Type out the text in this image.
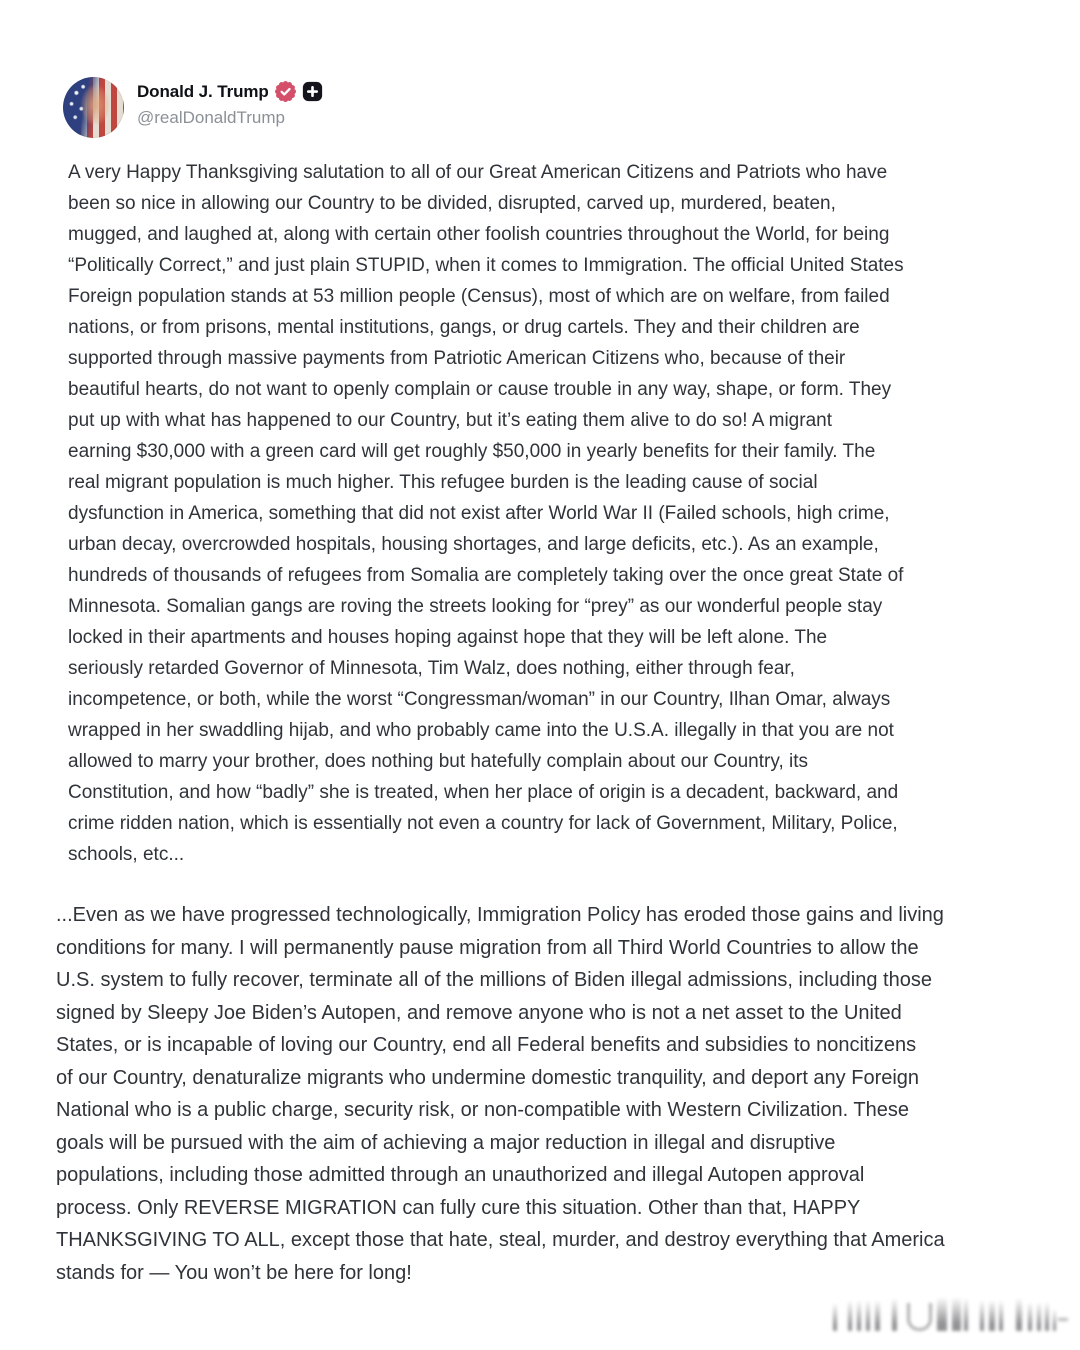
Donald J. Trump
@realDonaldTrump
A very Happy Thanksgiving salutation to all of our Great American Citizens and Patriots who have
been so nice in allowing our Country to be divided, disrupted, carved up, murdered, beaten,
mugged, and laughed at, along with certain other foolish countries throughout the World, for being
“Politically Correct,” and just plain STUPID, when it comes to Immigration. The official United States
Foreign population stands at 53 million people (Census), most of which are on welfare, from failed
nations, or from prisons, mental institutions, gangs, or drug cartels. They and their children are
supported through massive payments from Patriotic American Citizens who, because of their
beautiful hearts, do not want to openly complain or cause trouble in any way, shape, or form. They
put up with what has happened to our Country, but it’s eating them alive to do so! A migrant
earning $30,000 with a green card will get roughly $50,000 in yearly benefits for their family. The
real migrant population is much higher. This refugee burden is the leading cause of social
dysfunction in America, something that did not exist after World War II (Failed schools, high crime,
urban decay, overcrowded hospitals, housing shortages, and large deficits, etc.). As an example,
hundreds of thousands of refugees from Somalia are completely taking over the once great State of
Minnesota. Somalian gangs are roving the streets looking for “prey” as our wonderful people stay
locked in their apartments and houses hoping against hope that they will be left alone. The
seriously retarded Governor of Minnesota, Tim Walz, does nothing, either through fear,
incompetence, or both, while the worst “Congressman/woman” in our Country, Ilhan Omar, always
wrapped in her swaddling hijab, and who probably came into the U.S.A. illegally in that you are not
allowed to marry your brother, does nothing but hatefully complain about our Country, its
Constitution, and how “badly” she is treated, when her place of origin is a decadent, backward, and
crime ridden nation, which is essentially not even a country for lack of Government, Military, Police,
schools, etc...
...Even as we have progressed technologically, Immigration Policy has eroded those gains and living
conditions for many. I will permanently pause migration from all Third World Countries to allow the
U.S. system to fully recover, terminate all of the millions of Biden illegal admissions, including those
signed by Sleepy Joe Biden’s Autopen, and remove anyone who is not a net asset to the United
States, or is incapable of loving our Country, end all Federal benefits and subsidies to noncitizens
of our Country, denaturalize migrants who undermine domestic tranquility, and deport any Foreign
National who is a public charge, security risk, or non-compatible with Western Civilization. These
goals will be pursued with the aim of achieving a major reduction in illegal and disruptive
populations, including those admitted through an unauthorized and illegal Autopen approval
process. Only REVERSE MIGRATION can fully cure this situation. Other than that, HAPPY
THANKSGIVING TO ALL, except those that hate, steal, murder, and destroy everything that America
stands for — You won’t be here for long!
